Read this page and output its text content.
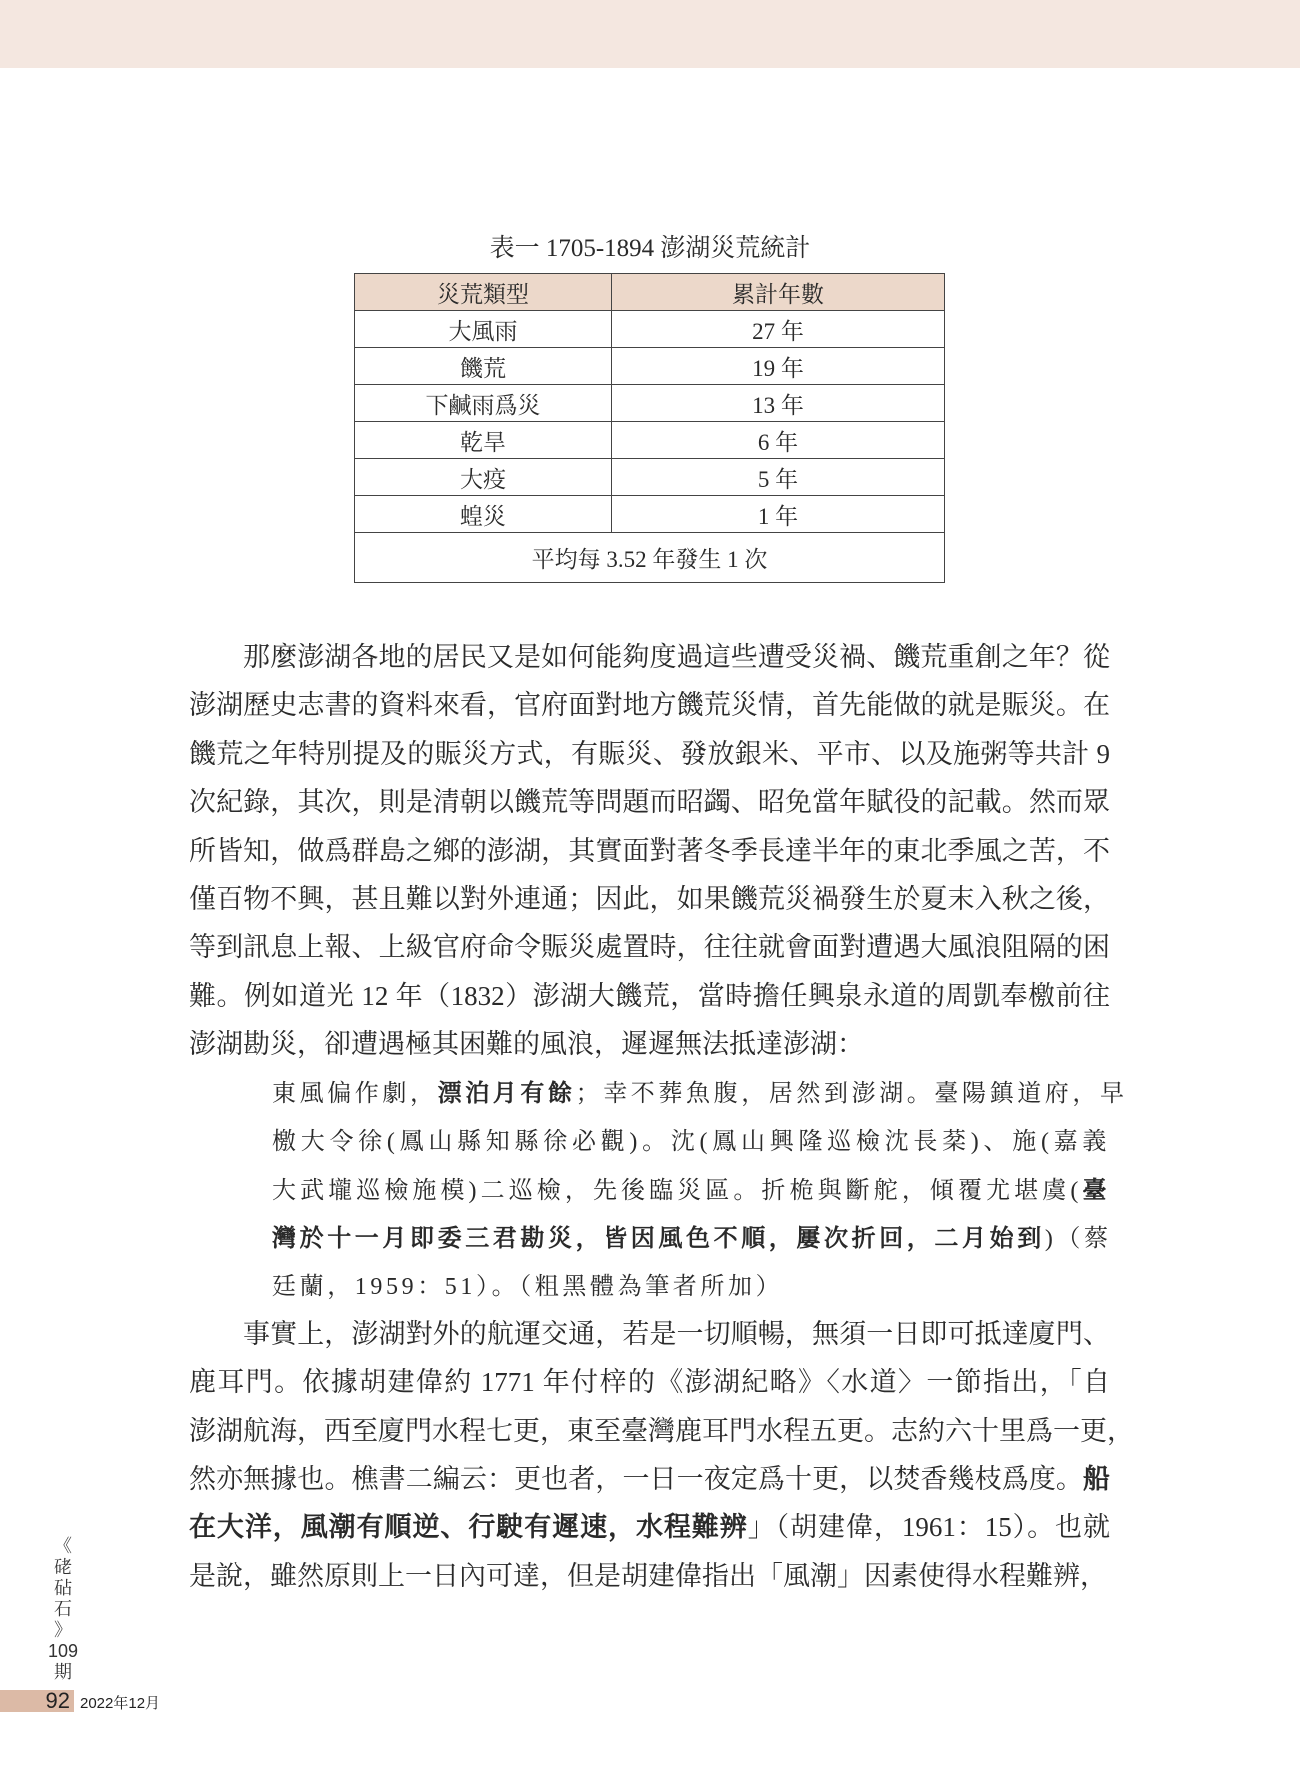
表一 1705-1894 澎湖災荒統計
災荒類型	累計年數
大風雨	27 年
饑荒	19 年
下鹹雨爲災	13 年
乾旱	6 年
大疫	5 年
蝗災	1 年
平均每 3.52 年發生 1 次	
那麼澎湖各地的居民又是如何能夠度過這些遭受災禍、饑荒重創之年？從
澎湖歷史志書的資料來看，官府面對地方饑荒災情，首先能做的就是賑災。在
饑荒之年特別提及的賑災方式，有賑災、發放銀米、平市、以及施粥等共計 9
次紀錄，其次，則是清朝以饑荒等問題而昭蠲、昭免當年賦役的記載。然而眾
所皆知，做爲群島之鄉的澎湖，其實面對著冬季長達半年的東北季風之苦，不
僅百物不興，甚且難以對外連通；因此，如果饑荒災禍發生於夏末入秋之後，
等到訊息上報、上級官府命令賑災處置時，往往就會面對遭遇大風浪阻隔的困
難。例如道光 12 年（1832）澎湖大饑荒，當時擔任興泉永道的周凱奉檄前往
澎湖勘災，卻遭遇極其困難的風浪，遲遲無法抵達澎湖：
東風偏作劇，漂泊月有餘；幸不葬魚腹，居然到澎湖。臺陽鎮道府，早
檄大令徐(鳳山縣知縣徐必觀)。沈(鳳山興隆巡檢沈長棻)、施(嘉義
大武壠巡檢施模)二巡檢，先後臨災區。折桅與斷舵，傾覆尤堪虞(臺
灣於十一月即委三君勘災，皆因風色不順，屢次折回，二月始到)（蔡
廷蘭，1959：51）。（粗黑體為筆者所加）
事實上，澎湖對外的航運交通，若是一切順暢，無須一日即可抵達廈門、
鹿耳門。依據胡建偉約 1771 年付梓的《澎湖紀略》〈水道〉一節指出，「自
澎湖航海，西至廈門水程七更，東至臺灣鹿耳門水程五更。志約六十里爲一更，
然亦無據也。樵書二編云：更也者，一日一夜定爲十更，以焚香幾枝爲度。船
在大洋，風潮有順逆、行駛有遲速，水程難辨」（胡建偉，1961：15）。也就
是說，雖然原則上一日內可達，但是胡建偉指出「風潮」因素使得水程難辨，
《
硓
砧
石
》
109
期
92 2022年12月
